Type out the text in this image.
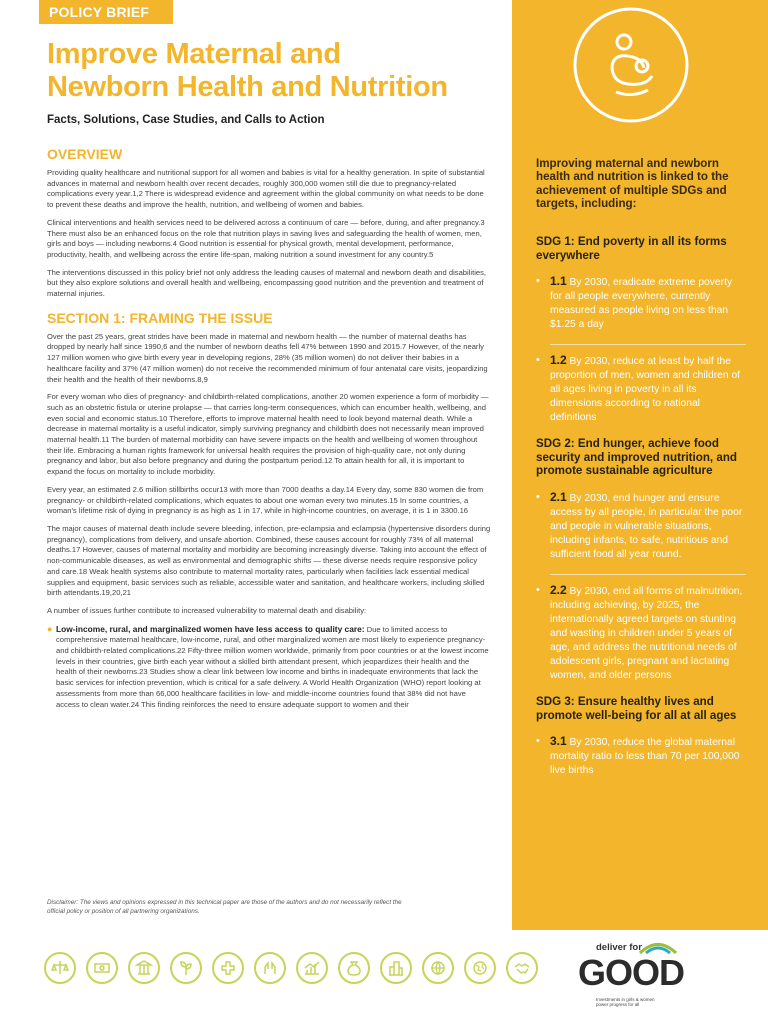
POLICY BRIEF
Improve Maternal and
Newborn Health and Nutrition
Facts, Solutions, Case Studies, and Calls to Action
OVERVIEW

Providing quality healthcare and nutritional support for all women and babies is vital for a healthy generation. In spite of substantial advances in maternal and newborn health over recent decades, roughly 300,000 women still die due to pregnancy-related complications every year.1,2 There is widespread evidence and agreement within the global community on what needs to be done to prevent these deaths and improve the health, nutrition, and wellbeing of women and babies.

Clinical interventions and health services need to be delivered across a continuum of care — before, during, and after pregnancy.3 There must also be an enhanced focus on the role that nutrition plays in saving lives and safeguarding the health of women, men, girls and boys — including newborns.4 Good nutrition is essential for physical growth, mental development, performance, productivity, health, and wellbeing across the entire life-span, making nutrition a sound investment for any country.5

The interventions discussed in this policy brief not only address the leading causes of maternal and newborn death and disabilities, but they also explore solutions and overall health and wellbeing, encompassing good nutrition and the prevention and treatment of maternal injuries.

SECTION 1: FRAMING THE ISSUE

Over the past 25 years, great strides have been made in maternal and newborn health — the number of maternal deaths has dropped by nearly half since 1990,6 and the number of newborn deaths fell 47% between 1990 and 2015.7 However, of the nearly 127 million women who give birth every year in developing regions, 28% (35 million women) do not deliver their babies in a healthcare facility and 37% (47 million women) do not receive the recommended minimum of four antenatal care visits, jeopardizing their health and the health of their newborns.8,9

For every woman who dies of pregnancy- and childbirth-related complications, another 20 women experience a form of morbidity — such as an obstetric fistula or uterine prolapse — that carries long-term consequences, which can encumber health, wellbeing, and even social and economic status.10 Therefore, efforts to improve maternal health need to look beyond maternal death. While a decrease in maternal mortality is a useful indicator, simply surviving pregnancy and childbirth does not necessarily mean improved maternal health.11 The burden of maternal morbidity can have severe impacts on the health and wellbeing of women throughout their life. Embracing a human rights framework for universal health requires the provision of high-quality care, not only during pregnancy and labor, but also before pregnancy and during the postpartum period.12 To attain health for all, it is important to expand the focus on mortality to include morbidity.

Every year, an estimated 2.6 million stillbirths occur13 with more than 7000 deaths a day.14 Every day, some 830 women die from pregnancy- or childbirth-related complications, which equates to about one woman every two minutes.15 In some countries, a woman's lifetime risk of dying in pregnancy is as high as 1 in 17, while in high-income countries, on average, it is 1 in 3300.16

The major causes of maternal death include severe bleeding, infection, pre-eclampsia and eclampsia (hypertensive disorders during pregnancy), complications from delivery, and unsafe abortion. Combined, these causes account for roughly 73% of all maternal deaths.17 However, causes of maternal mortality and morbidity are becoming increasingly diverse. Taking into account the effect of non-communicable diseases, as well as environmental and demographic shifts — these diverse needs require responsive policy and care.18 Weak health systems also contribute to maternal mortality rates, particularly when facilities lack essential medical supplies and equipment, basic services such as reliable, accessible water and sanitation, and healthcare workers, including skilled birth attendants.19,20,21

A number of issues further contribute to increased vulnerability to maternal death and disability:

● Low-income, rural, and marginalized women have less access to quality care: Due to limited access to comprehensive maternal healthcare, low-income, rural, and other marginalized women are most likely to experience pregnancy- and childbirth-related complications.22 Fifty-three million women worldwide, primarily from poor countries or at the lowest income levels in their countries, give birth each year without a skilled birth attendant present, which jeopardizes their health and the health of their newborns.23 Studies show a clear link between low income and births in inadequate environments that lack the basic services for infection prevention, which is critical for a safe delivery. A World Health Organization (WHO) report looking at assessments from more than 66,000 healthcare facilities in low- and middle-income countries found that 38% did not have access to clean water.24 This finding reinforces the need to ensure adequate support to women and their
Disclaimer: The views and opinions expressed in this technical paper are those of the authors and do not necessarily reflect the official policy or position of all partnering organizations.
Improving maternal and newborn health and nutrition is linked to the achievement of multiple SDGs and targets, including:
SDG 1: End poverty in all its forms everywhere
• 1.1 By 2030, eradicate extreme poverty for all people everywhere, currently measured as people living on less than $1.25 a day
• 1.2 By 2030, reduce at least by half the proportion of men, women and children of all ages living in poverty in all its dimensions according to national definitions
SDG 2: End hunger, achieve food security and improved nutrition, and promote sustainable agriculture
• 2.1 By 2030, end hunger and ensure access by all people, in particular the poor and people in vulnerable situations, including infants, to safe, nutritious and sufficient food all year round.
• 2.2 By 2030, end all forms of malnutrition, including achieving, by 2025, the internationally agreed targets on stunting and wasting in children under 5 years of age, and address the nutritional needs of adolescent girls, pregnant and lactating women, and older persons
SDG 3: Ensure healthy lives and promote well-being for all at all ages
• 3.1 By 2030, reduce the global maternal mortality ratio to less than 70 per 100,000 live births
deliver for
GOOD
Investments in girls & women power progress for all
